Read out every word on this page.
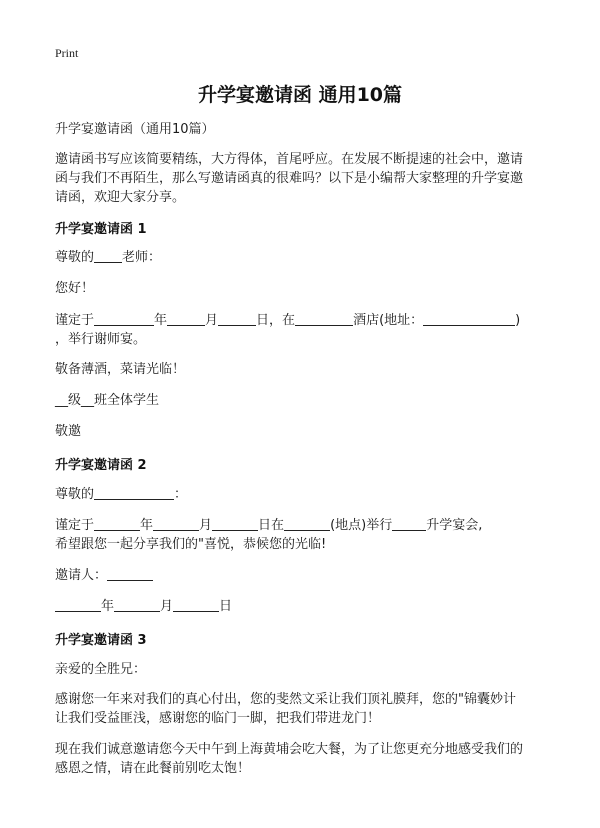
Print
升学宴邀请函 通用10篇
升学宴邀请函（通用10篇）
邀请函书写应该简要精练，大方得体，首尾呼应。在发展不断提速的社会中，邀请
函与我们不再陌生，那么写邀请函真的很难吗？以下是小编帮大家整理的升学宴邀
请函，欢迎大家分享。
升学宴邀请函 1
尊敬的 老师：
您好！
谨定于	年	月	日，在	酒店(地址：	)
，举行谢师宴。
敬备薄酒，菜请光临！
__级__班全体学生
敬邀
升学宴邀请函 2
尊敬的	：
谨定于	年	月	日在	(地点)举行	升学宴会,
希望跟您一起分享我们的"喜悦，恭候您的光临!
邀请人：
年	月	日
升学宴邀请函 3
亲爱的全胜兄：
感谢您一年来对我们的真心付出，您的斐然文采让我们顶礼膜拜，您的"锦囊妙计
让我们受益匪浅，感谢您的临门一脚，把我们带进龙门！
现在我们诚意邀请您今天中午到上海黄埔会吃大餐，为了让您更充分地感受我们的
感恩之情，请在此餐前别吃太饱！
